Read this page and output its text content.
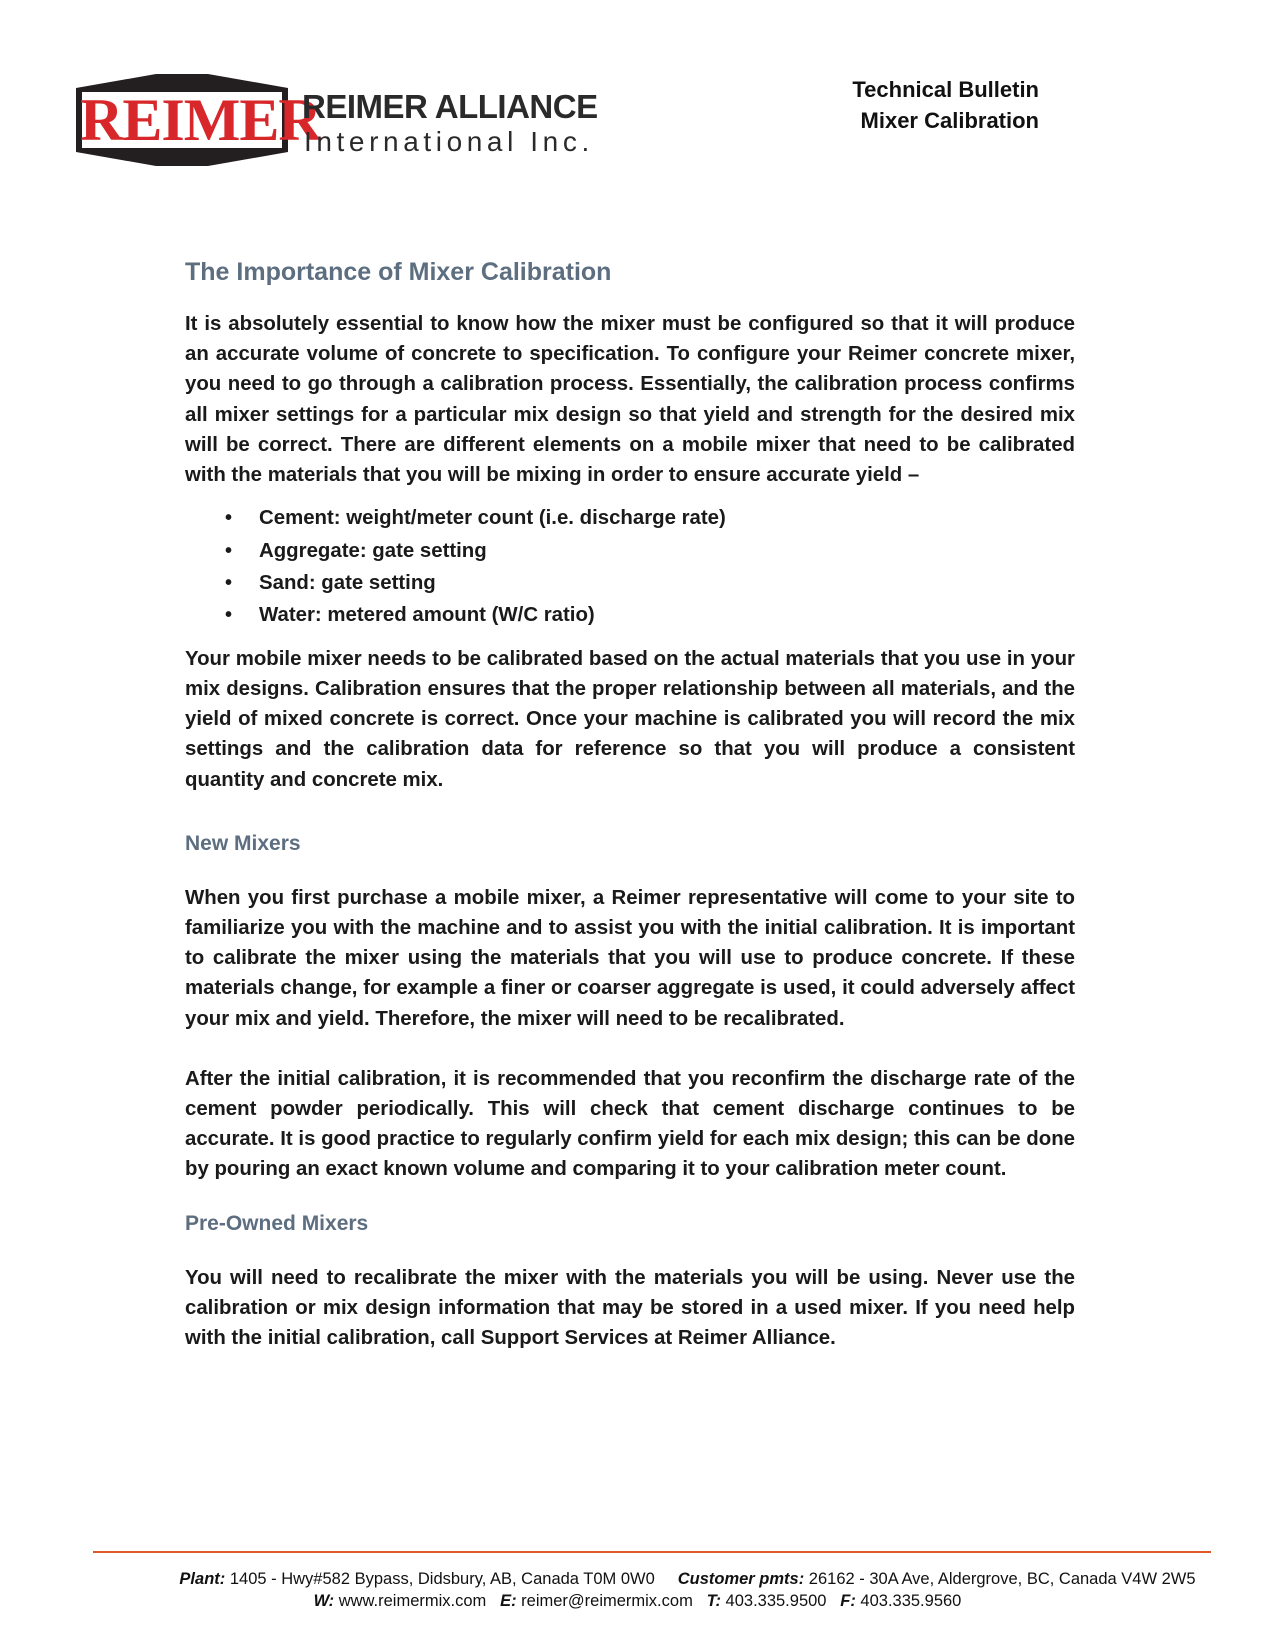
REIMER
REIMER ALLIANCE
International Inc.
Technical Bulletin
Mixer Calibration
The Importance of Mixer Calibration

It is absolutely essential to know how the mixer must be configured so that it will produce an accurate volume of concrete to specification. To configure your Reimer concrete mixer, you need to go through a calibration process. Essentially, the calibration process confirms all mixer settings for a particular mix design so that yield and strength for the desired mix will be correct. There are different elements on a mobile mixer that need to be calibrated with the materials that you will be mixing in order to ensure accurate yield –

• Cement: weight/meter count (i.e. discharge rate)
• Aggregate: gate setting
• Sand: gate setting
• Water: metered amount (W/C ratio)

Your mobile mixer needs to be calibrated based on the actual materials that you use in your mix designs. Calibration ensures that the proper relationship between all materials, and the yield of mixed concrete is correct. Once your machine is calibrated you will record the mix settings and the calibration data for reference so that you will produce a consistent quantity and concrete mix.

New Mixers

When you first purchase a mobile mixer, a Reimer representative will come to your site to familiarize you with the machine and to assist you with the initial calibration. It is important to calibrate the mixer using the materials that you will use to produce concrete. If these materials change, for example a finer or coarser aggregate is used, it could adversely affect your mix and yield. Therefore, the mixer will need to be recalibrated.

After the initial calibration, it is recommended that you reconfirm the discharge rate of the cement powder periodically. This will check that cement discharge continues to be accurate. It is good practice to regularly confirm yield for each mix design; this can be done by pouring an exact known volume and comparing it to your calibration meter count.

Pre-Owned Mixers

You will need to recalibrate the mixer with the materials you will be using. Never use the calibration or mix design information that may be stored in a used mixer. If you need help with the initial calibration, call Support Services at Reimer Alliance.

Plant: 1405 - Hwy#582 Bypass, Didsbury, AB, Canada T0M 0W0 Customer pmts: 26162 - 30A Ave, Aldergrove, BC, Canada V4W 2W5
W: www.reimermix.com E: reimer@reimermix.com T: 403.335.9500 F: 403.335.9560
